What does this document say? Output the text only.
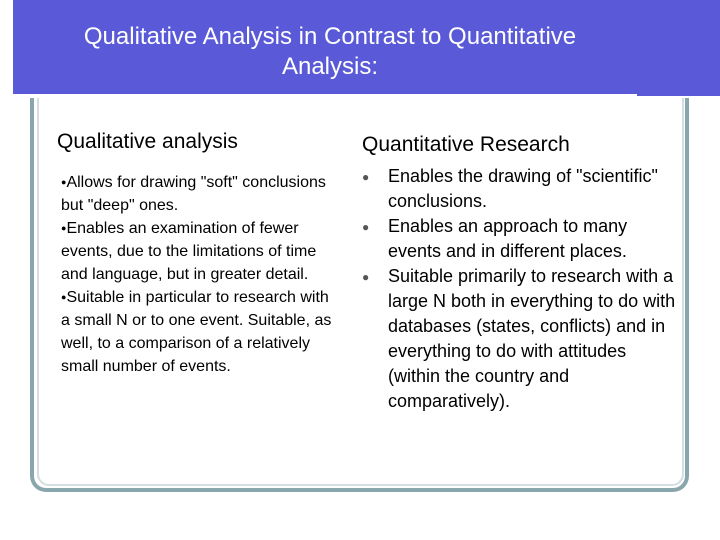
Qualitative Analysis in Contrast to Quantitative
Analysis:
Qualitative analysis

●Allows for drawing "soft" conclusions but "deep" ones.

●Enables an examination of fewer events, due to the limitations of time and language, but in greater detail.

●Suitable in particular to research with a small N or to one event. Suitable, as well, to a comparison of a relatively small number of events.

Quantitative Research
● Enables the drawing of "scientific" conclusions.
● Enables an approach to many events and in different places.
● Suitable primarily to research with a large N both in everything to do with databases (states, conflicts) and in everything to do with attitudes (within the country and comparatively).
